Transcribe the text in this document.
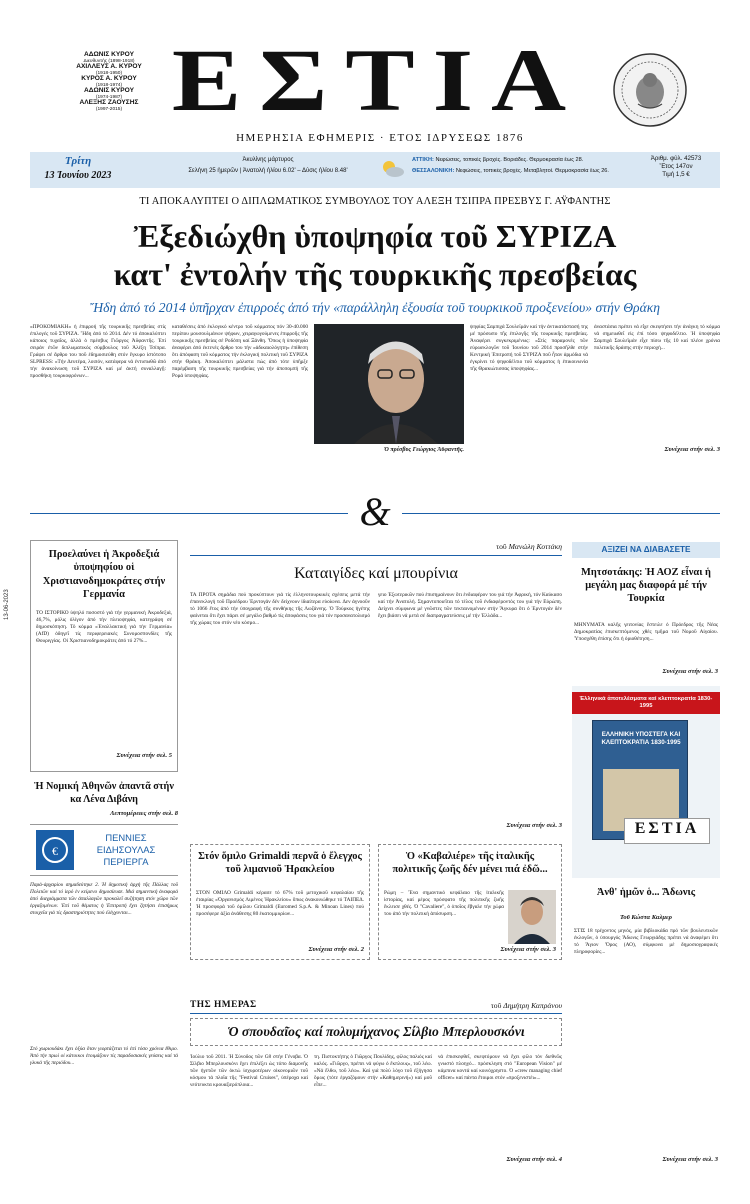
ΑΔΩΝΙΣ ΚΥΡΟΥ
Διευθυντής (1898-1918)
ΑΧΙΛΛΕΥΣ Α. ΚΥΡΟΥ
(1918-1950)
ΚΥΡΟΣ Α. ΚΥΡΟΥ
(1918-1974)
ΑΔΩΝΙΣ ΚΥΡΟΥ
(1974-1987)
ΑΛΕΞΗΣ ΖΑΟΥΣΗΣ
(1997-2015) ΕΣΤΙΑ
ΗΜΕΡΗΣΙΑ ΕΦΗΜΕΡΙΣ · ΕΤΟΣ ΙΔΡΥΣΕΩΣ 1876
Τρίτη
13 Ἰουνίου 2023
Ἀκυλίνης μάρτυρος
Σελήνη 25 ἡμερῶν | Ἀνατολή ἡλίου 6.02' – Δύσις ἡλίου 8.48'
ΑΤΤΙΚΗ: Νεφώσεις, τοπικές βροχές. Βοριάδες. Θερμοκρασία ἕως 28.
ΘΕΣΣΑΛΟΝΙΚΗ: Νεφώσεις, τοπικές βροχές. Μεταβλητοί. Θερμοκρασία ἕως 26.
Ἀριθμ. φύλ. 42573
Ἔτος 147ον
Τιμή 1,5 €
ΤΙ ΑΠΟΚΑΛΥΠΤΕΙ Ο ΔΙΠΛΩΜΑΤΙΚΟΣ ΣΥΜΒΟΥΛΟΣ ΤΟΥ ΑΛΕΞΗ ΤΣΙΠΡΑ ΠΡΕΣΒΥΣ Γ. ΑΫΦΑΝΤΗΣ
Ἐξεδιώχθη ὑποψηφία τοῦ ΣΥΡΙΖΑ
κατ' ἐντολήν τῆς τουρκικῆς πρεσβείας
Ἤδη ἀπό τό 2014 ὑπῆρχαν ἐπιρροές ἀπό τήν «παράλληλη ἐξουσία τοῦ τουρκικοῦ προξενείου» στήν Θράκη
«ΠΡΟΚΟΜΙΑΚΗ» ἡ ἐπιρροή τῆς τουρκικῆς πρεσβείας στίς ἐπιλογές τοῦ ΣΥΡΙΖΑ. Ἤδη ἀπό τό 2014. Δέν τό ἀποκαλύπτει κάποιος τυχαῖος, ἀλλά ὁ πρέσβυς Γιῶργος Ἀϋφαντῆς. Ἐπί σειράν ἐτῶν διπλωματικός σύμβουλος τοῦ Ἀλέξη Τσίπρα. Γράφει σέ ἄρθρο του ποῦ ἐδημοσιεύθη στόν ἔγκυρο ἱστότοπο SLPRESS: «Τήν Δευτέρα, λοιπόν, κατάφερα νά ἐντυπωθῶ ἀπό τήν ἀνακοίνωση τοῦ ΣΥΡΙΖΑ καί μέ ἀκτή συναλλαγῇ: προσθήκη τουρκοφρόνων...
καταθέσεις ἀπό ἐκλογικό κέντρο τοῦ κόμματος πόν 30-40.000 περίπου μουσουλμάνων ψήφων, χειραγωγούμενες ἐπιρροῆς τῆς τουρκικῆς πρεσβείας σέ Ροδόπη καί Ξάνθη. Ὅπως ἡ ὑποψηφία ἀναφέρει ἀπό ἐκτενές ἄρθρο του τήν «ἀδικαιολόγητη» ἐπίθεση ὅτι ἀπόφαση τοῦ κόμματος τήν ἐκλογική πολιτική τοῦ ΣΥΡΙΖΑ στήν Θράκη. Ἀποκαλύπτει μάλιστα πώς ἀπό τότε ὑπῆρξε παρέμβαση τῆς τουρκικῆς πρεσβείας γιά τήν ἀποπομπή τῆς Ρομά ὑποψηφίας.
Ὁ πρέσβυς Γεώργιος Ἀϋφαντῆς.
ψηφίας Σαμπιχά Σουλεϊμάν καί τήν ἀντικατάστασή της μέ πρόσωπο τῆς ἐπιλογῆς τῆς τουρκικῆς πρεσβείας. Ἀναφέρει συγκεκριμένως: «Στίς παραμονές τῶν εὐρωεκλογῶν τοῦ Ἰουνίου τοῦ 2014 προσῆλθε στήν Κεντρική Ἐπιτροπή τοῦ ΣΥΡΙΖΑ ποῦ ἦταν ἁρμόδια νά ἐγκρίνει τό ψηφοδέλτιο τοῦ κόμματος ἡ ἐπικοινωνία τῆς Θρακιώτισσας ὑποψηφίας...
ἀναστάσια πρέπει νά εἶχε σκεφτήσει τήν ἀνάγκη τό κόμμα νά σημειωθεῖ εἰς ἐπί τόσο ψηφοδέλτιο. Ἡ ὑποψηφία Σαμπιχά Σουλεϊμάν εἶχε πίσω τῆς 10 καί πλέον χρόνια πολιτικῆς δράσης στήν περιοχή...
Συνέχεια στήν σελ. 3
&
Προελαύνει ἡ Ἀκροδεξιά ὑποψηφίου οἱ Χριστιανοδημοκράτες στήν Γερμανία
ΤΟ ΙΣΤΟΡΙΚΟ ὑψηλό ποσοστό γιά τήν γερμανική Ἀκροδεξιά, 46,7%, μόλις ὀλίγον ἀπό τήν πλειοψηφία, κατεγράφη σέ δημοσκόπηση. Τό κόμμα «Ἐναλλακτική γιά τήν Γερμανία» (AfD) ὁδηγεῖ τίς περιφερειακές Συνομοσπονδίες τῆς Θουριγγίας. Οἱ Χριστιανοδημοκράτες ἀπό τό 27%...
Συνέχεια στήν σελ. 5
Ἡ Νομική Ἀθηνῶν ἀπαντᾶ στήν κα Λένα Διβάνη
Λεπτομέρειες στήν σελ. 8
€
ΠΕΝΝΙΕΣ ΕΙΔΗΣΟΥΛΑΣ ΠΕΡΙΕΡΓΑ
Παρά-ἀρχαρίου σημαδεύτηκε 2. Ἡ δημοτική ἀρχή τῆς Πάλλας τοῦ Πολιτῶν καί τό ἰερό ἐν κείμενο δημοσίευσε. Μιά σημαντική ἀναφορά ἀπό διαγράμματα τῶν ἀπαλλαγῶν προκαλεῖ συζήτηση στόν χῶρο τῶν ἐργαζομένων. Ἐπί τοῦ θέματος ἡ Ἐπιτροπή ἔχει ζητήσει ἐπισήμως στοιχεῖα γιά τίς δραστηριότητες πού ἐλέγχονται...
Στό χωριουδάκι ἔχει ὁξύα ὅταν γιορτάζεται τό ἐπί τόσο χρόνια ἔθιμο. Ἀπό τήν πρωί οἱ κάτοικοι ἑτοιμάζουν τίς παραδοσιακές γεύσεις καί τά γλυκά τῆς περιόδου...
τοῦ Μανώλη Κοττάκη
Καταιγίδες καί μπουρίνια
ΤΑ ΠΡΟΤΑ σημάδια πού προκύπτουν γιά τίς ἑλληνοτουρκικές σχέσεις μετά τήν ἐπανεκλογή τοῦ Προέδρου Ἐρντογάν δέν δείχνουν ἰδιαίτερα εὐοίωνα. Δεν ἀγνοοῦν τό 1066 ἔτος ἀπό τήν ὑπογραφή τῆς συνθήκης τῆς Λωζάννης. Ὁ Τούρκος ἡγέτης φαίνεται ὅτι ἔχει πάρει σέ μεγάλο βαθμό τίς ἀποφάσεις του γιά τόν προσανατολισμό τῆς χώρας του στόν νέο κόσμο...
γειο Ἐξωτερικῶν πού ἐπισημαίνουν ὅτι ἐνδιαφέρον του γιά τήν Ἀφρική, τόν Καύκασο καί τήν Ἀνατολή. Σημαντοποιεῖται τό τέλος τοῦ ἐνδιαφέροντός του γιά τήν Εὐρώπη. Δείχνει σύμφωνα μέ γνῶστες τῶν τεκταινομένων στήν Ἄγκυρα ὅτι ὁ Ἐρντογάν δέν ἔχει βιάσει νά μετά σέ διαπραγματεύσεις μέ τήν Ἑλλάδα...
Συνέχεια στήν σελ. 3
Στόν ὅμιλο Grimaldi περνᾶ ὁ ἔλεγχος τοῦ λιμανιοῦ Ἡρακλείου
ΣΤΟΝ ΟΜΙΛΟ Grimaldi κέρασε τό 67% τοῦ μετοχικοῦ κεφαλαίου τῆς ἑταιρίας «Ὀργανισμός Λιμένος Ἡρακλείου» ὅπως ἀνακοινώθηκε τό ΤΑΙΠΕΔ. Ἡ προσφορά τοῦ ὁμίλου Grimaldi (Euromed S.p.A. & Minoan Lines) πού προσέφερε ἀξία ἀνάθεσης 80 ἐκατομμυρίων...
Συνέχεια στήν σελ. 2
Ὁ «Καβαλιέρε» τῆς ἰταλικῆς πολιτικῆς ζωῆς δέν μένει πιά ἐδῶ...
Ρώμη – Ἕνα σημαντικό κεφάλαιο τῆς ἰταλικῆς ἱστορίας, καί μέρος πρόσφατο τῆς πολιτικῆς ζωῆς ἔκλεισε χθές. Ὁ "Cavaliere", ὁ ὁποῖος ἔβγαλε τήν χώρα του ἀπό τήν πολιτική ἀπόσυρση...
Συνέχεια στήν σελ. 3
ΤΗΣ ΗΜΕΡΑΣ	τοῦ Δημήτρη Καπράνου
Ὁ σπουδαῖος καί πολυμήχανος Σίλβιο Μπερλουσκόνι
Ἰούλιο τοῦ 2011. Ἡ Σύνοδος τῶν G8 στήν Γένοβα. Ὁ Σίλβιο Μπερλουσκόνι ἔχει ἐπιλέξει ὡς τόπο διαμονῆς τῶν ἡγετῶν τῶν ὀκτώ ἰσχυροτέρων οἰκονομιῶν τοῦ κόσμου τά πλοῖα τῆς "Festival Cruises", ὑπέροχα καί νεότευκτα κρουαζιερόπλοια...
τη. Πιστοκτήτης ὁ Γιῶργος Πουλίδης, φίλος παλιός καί καλός. «Γιῶργο, πρέπει νά φύγω ὁ ἔκπλους», τοῦ λέω. «Νά ἔλθω, τοῦ λέω». Καί γιά πολύ λόγο τοῦ ἐξήγησα ὅμως (τότε ἐργαζόμουν στήν «Καθημερινή») καί μοῦ εἶπε...
νά ἐπισκεφθεῖ, σκεφτόμουν νά ἔχει φίλο τόν διεθνῶς γνωστό πλοηγό... πρόσκληση στό "European Vision" μέ κάμπινα κοντά καί κοινόχρηστο. Ὁ «crew managing chief officer» καί πάντα ἔτοιμοι στόν «προξενιστέι»...
Συνέχεια στήν σελ. 4
ΑΞΙΖΕΙ ΝΑ ΔΙΑΒΑΣΕΤΕ
Μητσοτάκης: Ἡ ΑΟΖ εἶναι ἡ μεγάλη μας διαφορά μέ τήν Τουρκία
ΜΗΝΥΜΑΤΑ καλῆς γειτονίας ἔστειλε ὁ Πρόεδρος τῆς Νέας Δημοκρατίας ἐπισκεπτόμενος χθές τμῆμα τοῦ Νομοῦ Αἰγαίου. Ὑποσχέθη ἐπίσης ὅτι ἡ ὁριοθέτηση...
Συνέχεια στήν σελ. 3
Ἑλληνικά ἀποτελέσματα καί κλεπτοκρατία 1830-1995
ΕΛΛΗΝΙΚΗ ΥΠΟΣΤΕΓΑ ΚΑΙ ΚΛΕΠΤΟΚΡΑΤΙΑ 1830-1995
ΕΣΤΙΑ
Ἀνθ' ἡμῶν ὁ... Ἄδωνις
Τοῦ Κώστα Καλμερ
ΣΤΙΣ 18 τρέχοντος μηνός, μία βιβλιοκάδα πρό τῶν βουλευτικῶν ἐκλογῶν, ὁ ὑπουργός Ἄδωνις Γεωργιάδης πρέπει νά ἀναφέρει ὅτι τό Ἅγιον Ὄρος (ΑΟ), σύμφωνα μέ δημοσιογραφικές πληροφορίες...
Συνέχεια στήν σελ. 3
13-06-2023
